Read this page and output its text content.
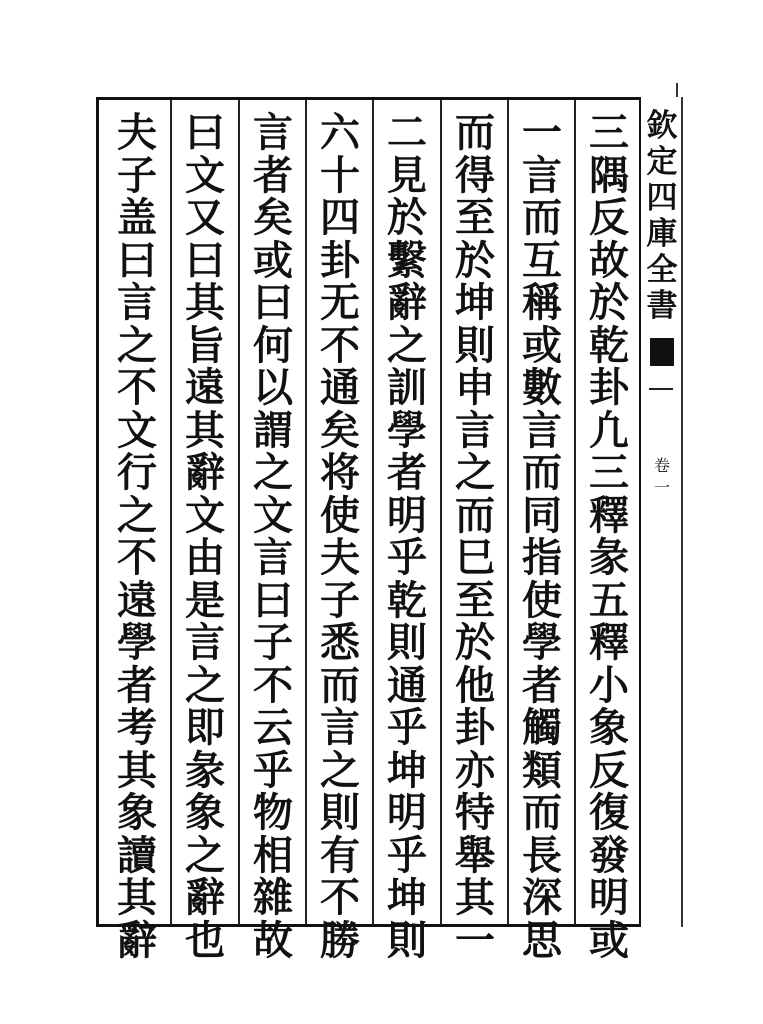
欽
定
四
庫
全
書
卷
一
三
隅
反
故
於
乾
卦
凢
三
釋
彖
五
釋
小
象
反
復
發
明
或
一
言
而
互
稱
或
數
言
而
同
指
使
學
者
觸
類
而
長
深
思
而
得
至
於
坤
則
申
言
之
而
巳
至
於
他
卦
亦
特
舉
其
一
二
見
於
繫
辭
之
訓
學
者
明
乎
乾
則
通
乎
坤
明
乎
坤
則
六
十
四
卦
无
不
通
矣
将
使
夫
子
悉
而
言
之
則
有
不
勝
言
者
矣
或
曰
何
以
謂
之
文
言
曰
子
不
云
乎
物
相
雜
故
曰
文
又
曰
其
旨
遠
其
辭
文
由
是
言
之
即
彖
象
之
辭
也
夫
子
盖
曰
言
之
不
文
行
之
不
遠
學
者
考
其
象
讀
其
辭
